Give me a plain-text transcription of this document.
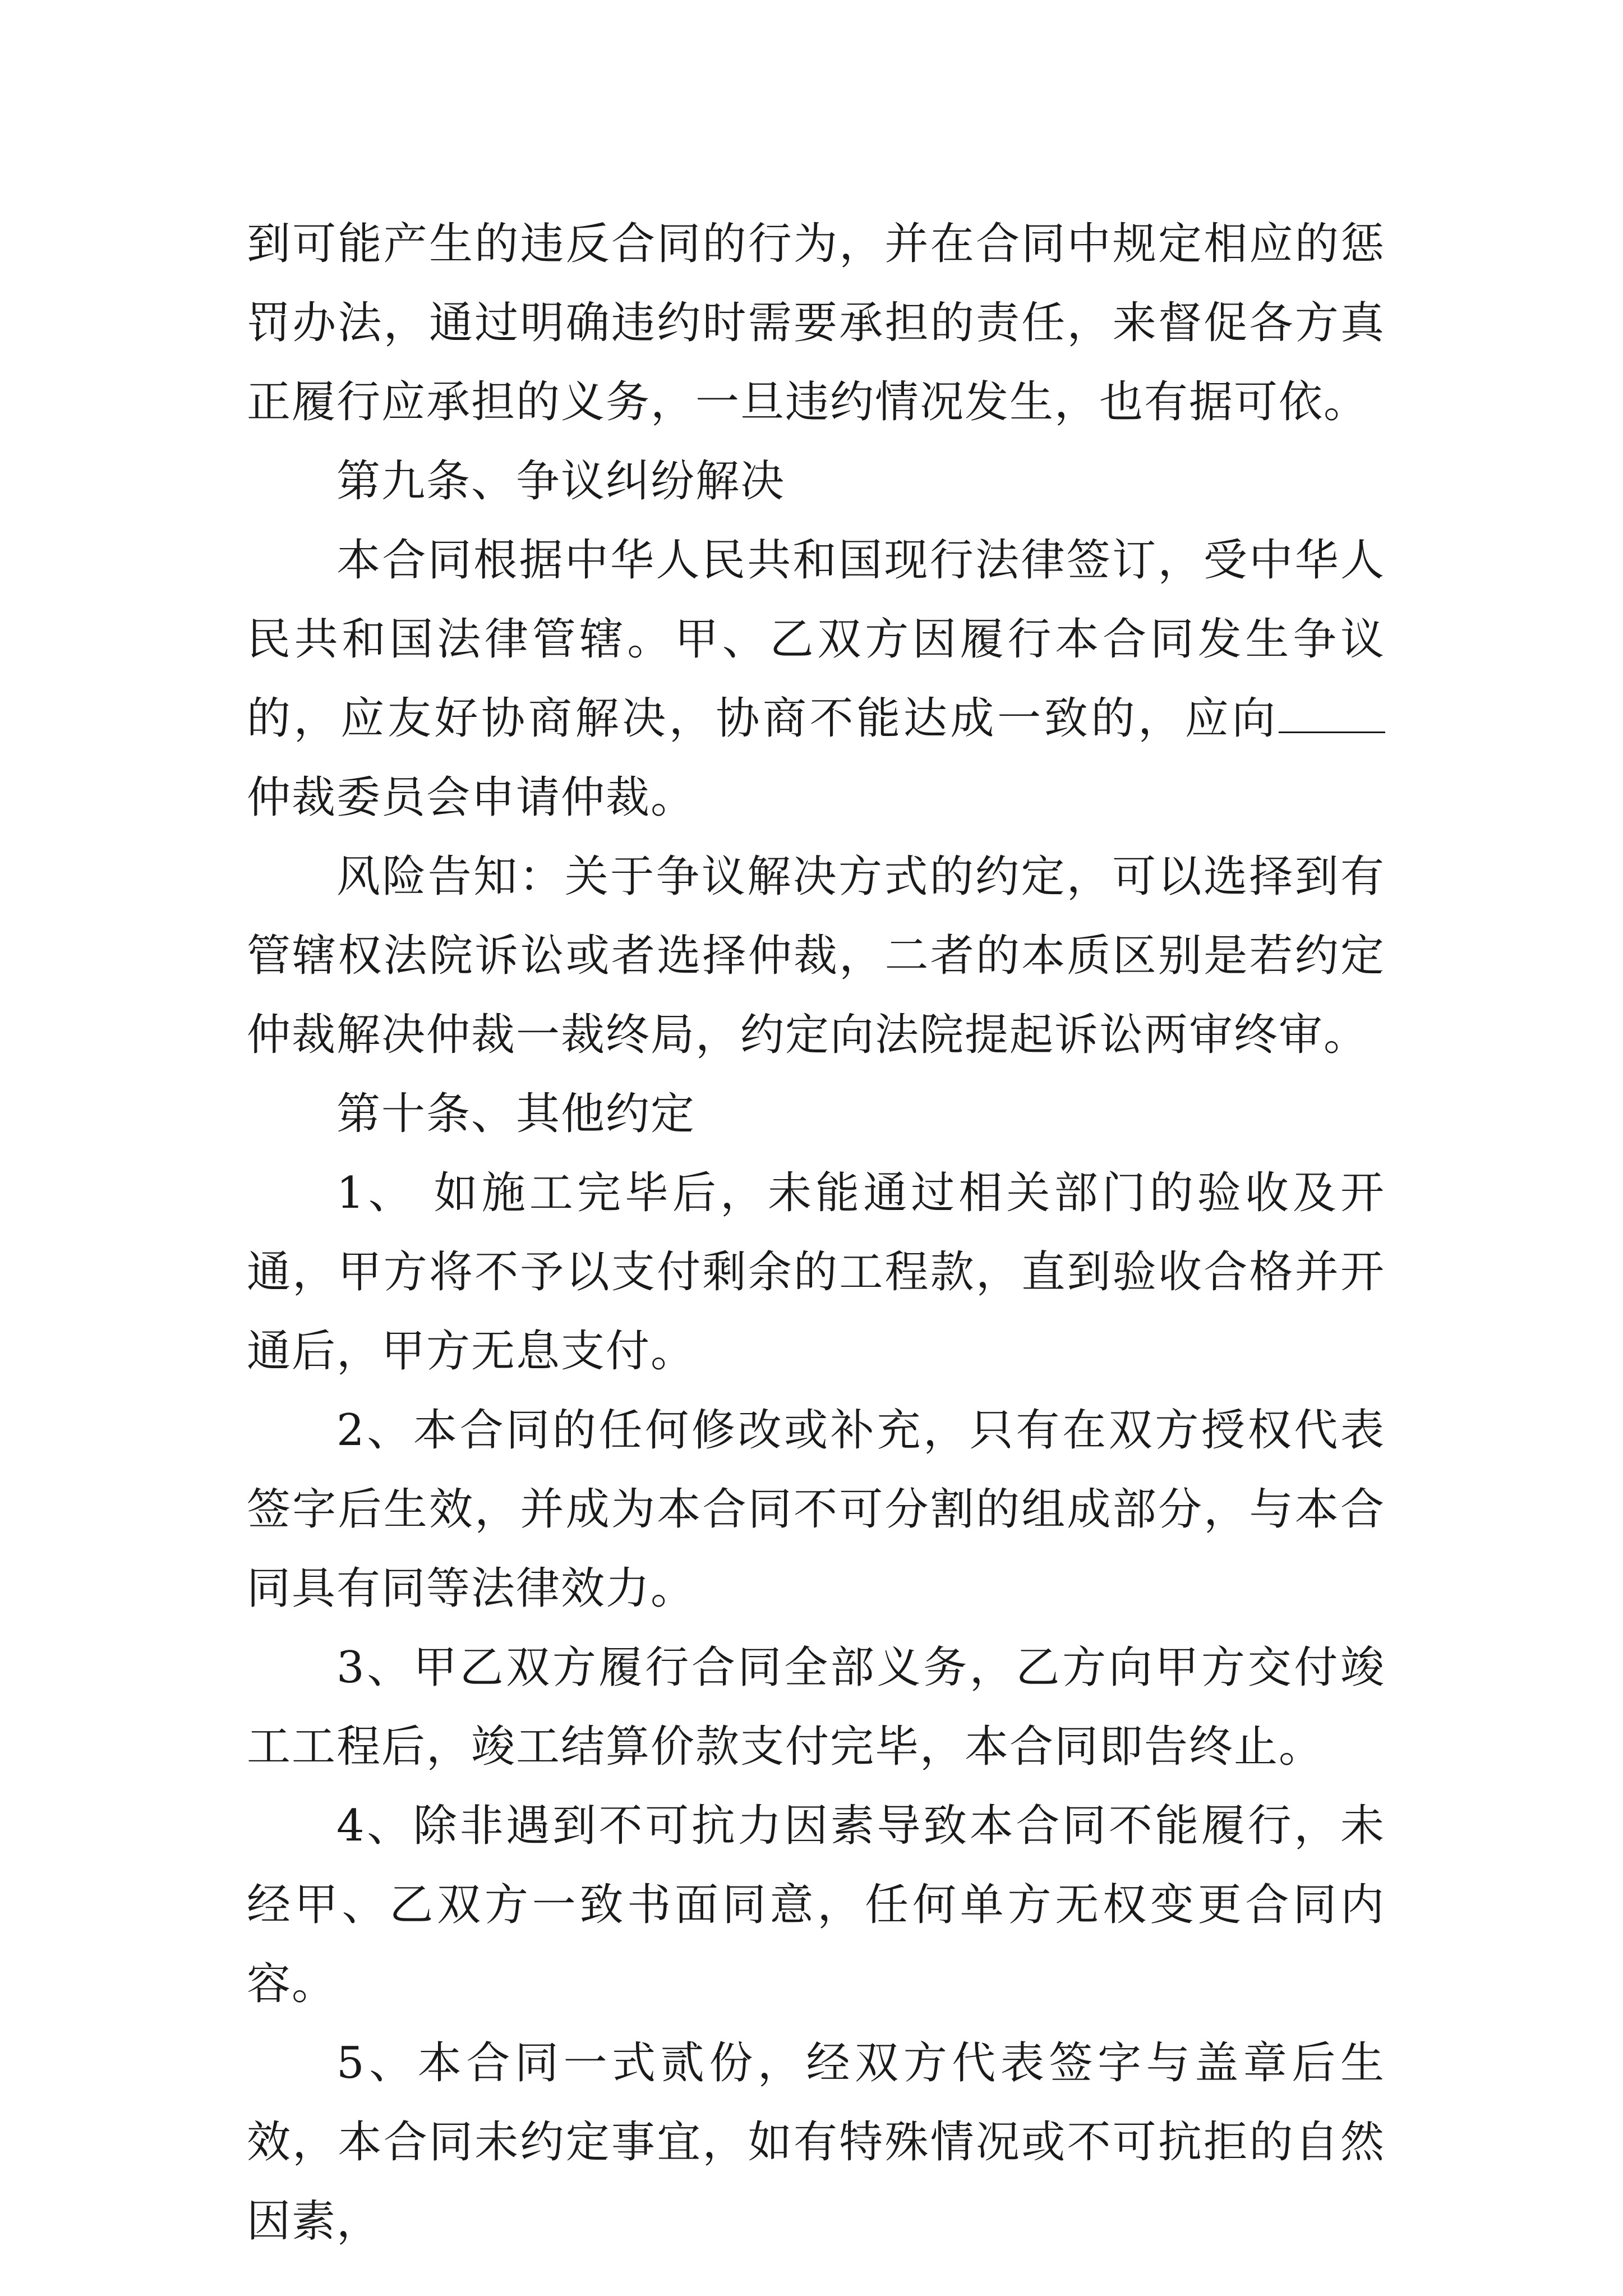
到可能产生的违反合同的行为，并在合同中规定相应的惩罚办法，通过明确违约时需要承担的责任，来督促各方真正履行应承担的义务，一旦违约情况发生，也有据可依。

第九条、争议纠纷解决

本合同根据中华人民共和国现行法律签订，受中华人民共和国法律管辖。甲、乙双方因履行本合同发生争议的，应友好协商解决，协商不能达成一致的，应向仲裁委员会申请仲裁。

风险告知：关于争议解决方式的约定，可以选择到有管辖权法院诉讼或者选择仲裁，二者的本质区别是若约定仲裁解决仲裁一裁终局，约定向法院提起诉讼两审终审。

第十条、其他约定

1、 如施工完毕后，未能通过相关部门的验收及开通，甲方将不予以支付剩余的工程款，直到验收合格并开通后，甲方无息支付。

2、本合同的任何修改或补充，只有在双方授权代表签字后生效，并成为本合同不可分割的组成部分，与本合同具有同等法律效力。

3、甲乙双方履行合同全部义务，乙方向甲方交付竣工工程后，竣工结算价款支付完毕，本合同即告终止。

4、除非遇到不可抗力因素导致本合同不能履行，未经甲、乙双方一致书面同意，任何单方无权变更合同内容。

5、本合同一式贰份，经双方代表签字与盖章后生效，本合同未约定事宜，如有特殊情况或不可抗拒的自然因素，
